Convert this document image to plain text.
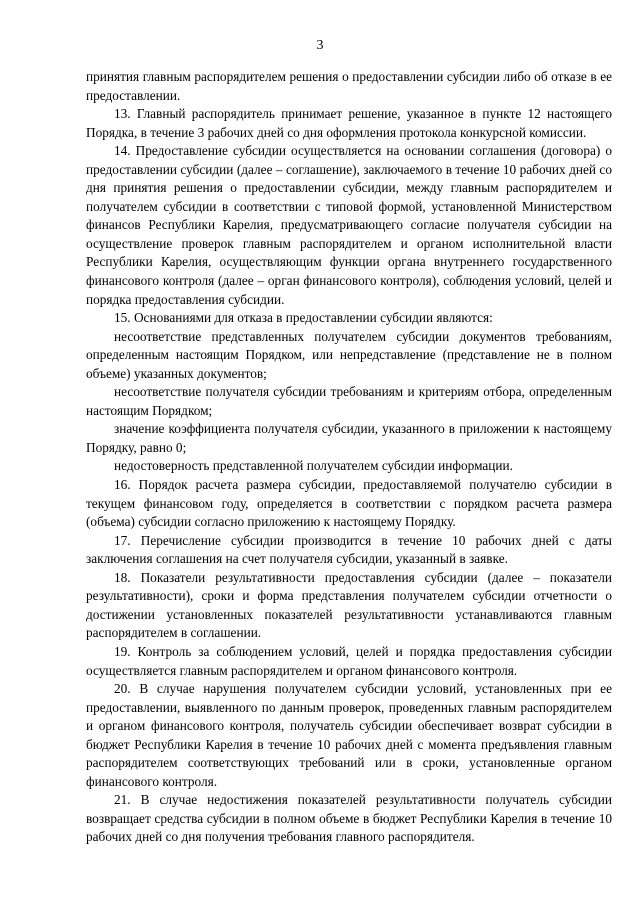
3

принятия главным распорядителем решения о предоставлении субсидии либо об отказе в ее предоставлении.

13. Главный распорядитель принимает решение, указанное в пункте 12 настоящего Порядка, в течение 3 рабочих дней со дня оформления протокола конкурсной комиссии.

14. Предоставление субсидии осуществляется на основании соглашения (договора) о предоставлении субсидии (далее – соглашение), заключаемого в течение 10 рабочих дней со дня принятия решения о предоставлении субсидии, между главным распорядителем и получателем субсидии в соответствии с типовой формой, установленной Министерством финансов Республики Карелия, предусматривающего согласие получателя субсидии на осуществление проверок главным распорядителем и органом исполнительной власти Республики Карелия, осуществляющим функции органа внутреннего государственного финансового контроля (далее – орган финансового контроля), соблюдения условий, целей и порядка предоставления субсидии.

15. Основаниями для отказа в предоставлении субсидии являются:

несоответствие представленных получателем субсидии документов требованиям, определенным настоящим Порядком, или непредставление (представление не в полном объеме) указанных документов;

несоответствие получателя субсидии требованиям и критериям отбора, определенным настоящим Порядком;

значение коэффициента получателя субсидии, указанного в приложении к настоящему Порядку, равно 0;

недостоверность представленной получателем субсидии информации.

16. Порядок расчета размера субсидии, предоставляемой получателю субсидии в текущем финансовом году, определяется в соответствии с порядком расчета размера (объема) субсидии согласно приложению к настоящему Порядку.

17. Перечисление субсидии производится в течение 10 рабочих дней с даты заключения соглашения на счет получателя субсидии, указанный в заявке.

18. Показатели результативности предоставления субсидии (далее – показатели результативности), сроки и форма представления получателем субсидии отчетности о достижении установленных показателей результативности устанавливаются главным распорядителем в соглашении.

19. Контроль за соблюдением условий, целей и порядка предоставления субсидии осуществляется главным распорядителем и органом финансового контроля.

20. В случае нарушения получателем субсидии условий, установленных при ее предоставлении, выявленного по данным проверок, проведенных главным распорядителем и органом финансового контроля, получатель субсидии обеспечивает возврат субсидии в бюджет Республики Карелия в течение 10 рабочих дней с момента предъявления главным распорядителем соответствующих требований или в сроки, установленные органом финансового контроля.

21. В случае недостижения показателей результативности получатель субсидии возвращает средства субсидии в полном объеме в бюджет Республики Карелия в течение 10 рабочих дней со дня получения требования главного распорядителя.
